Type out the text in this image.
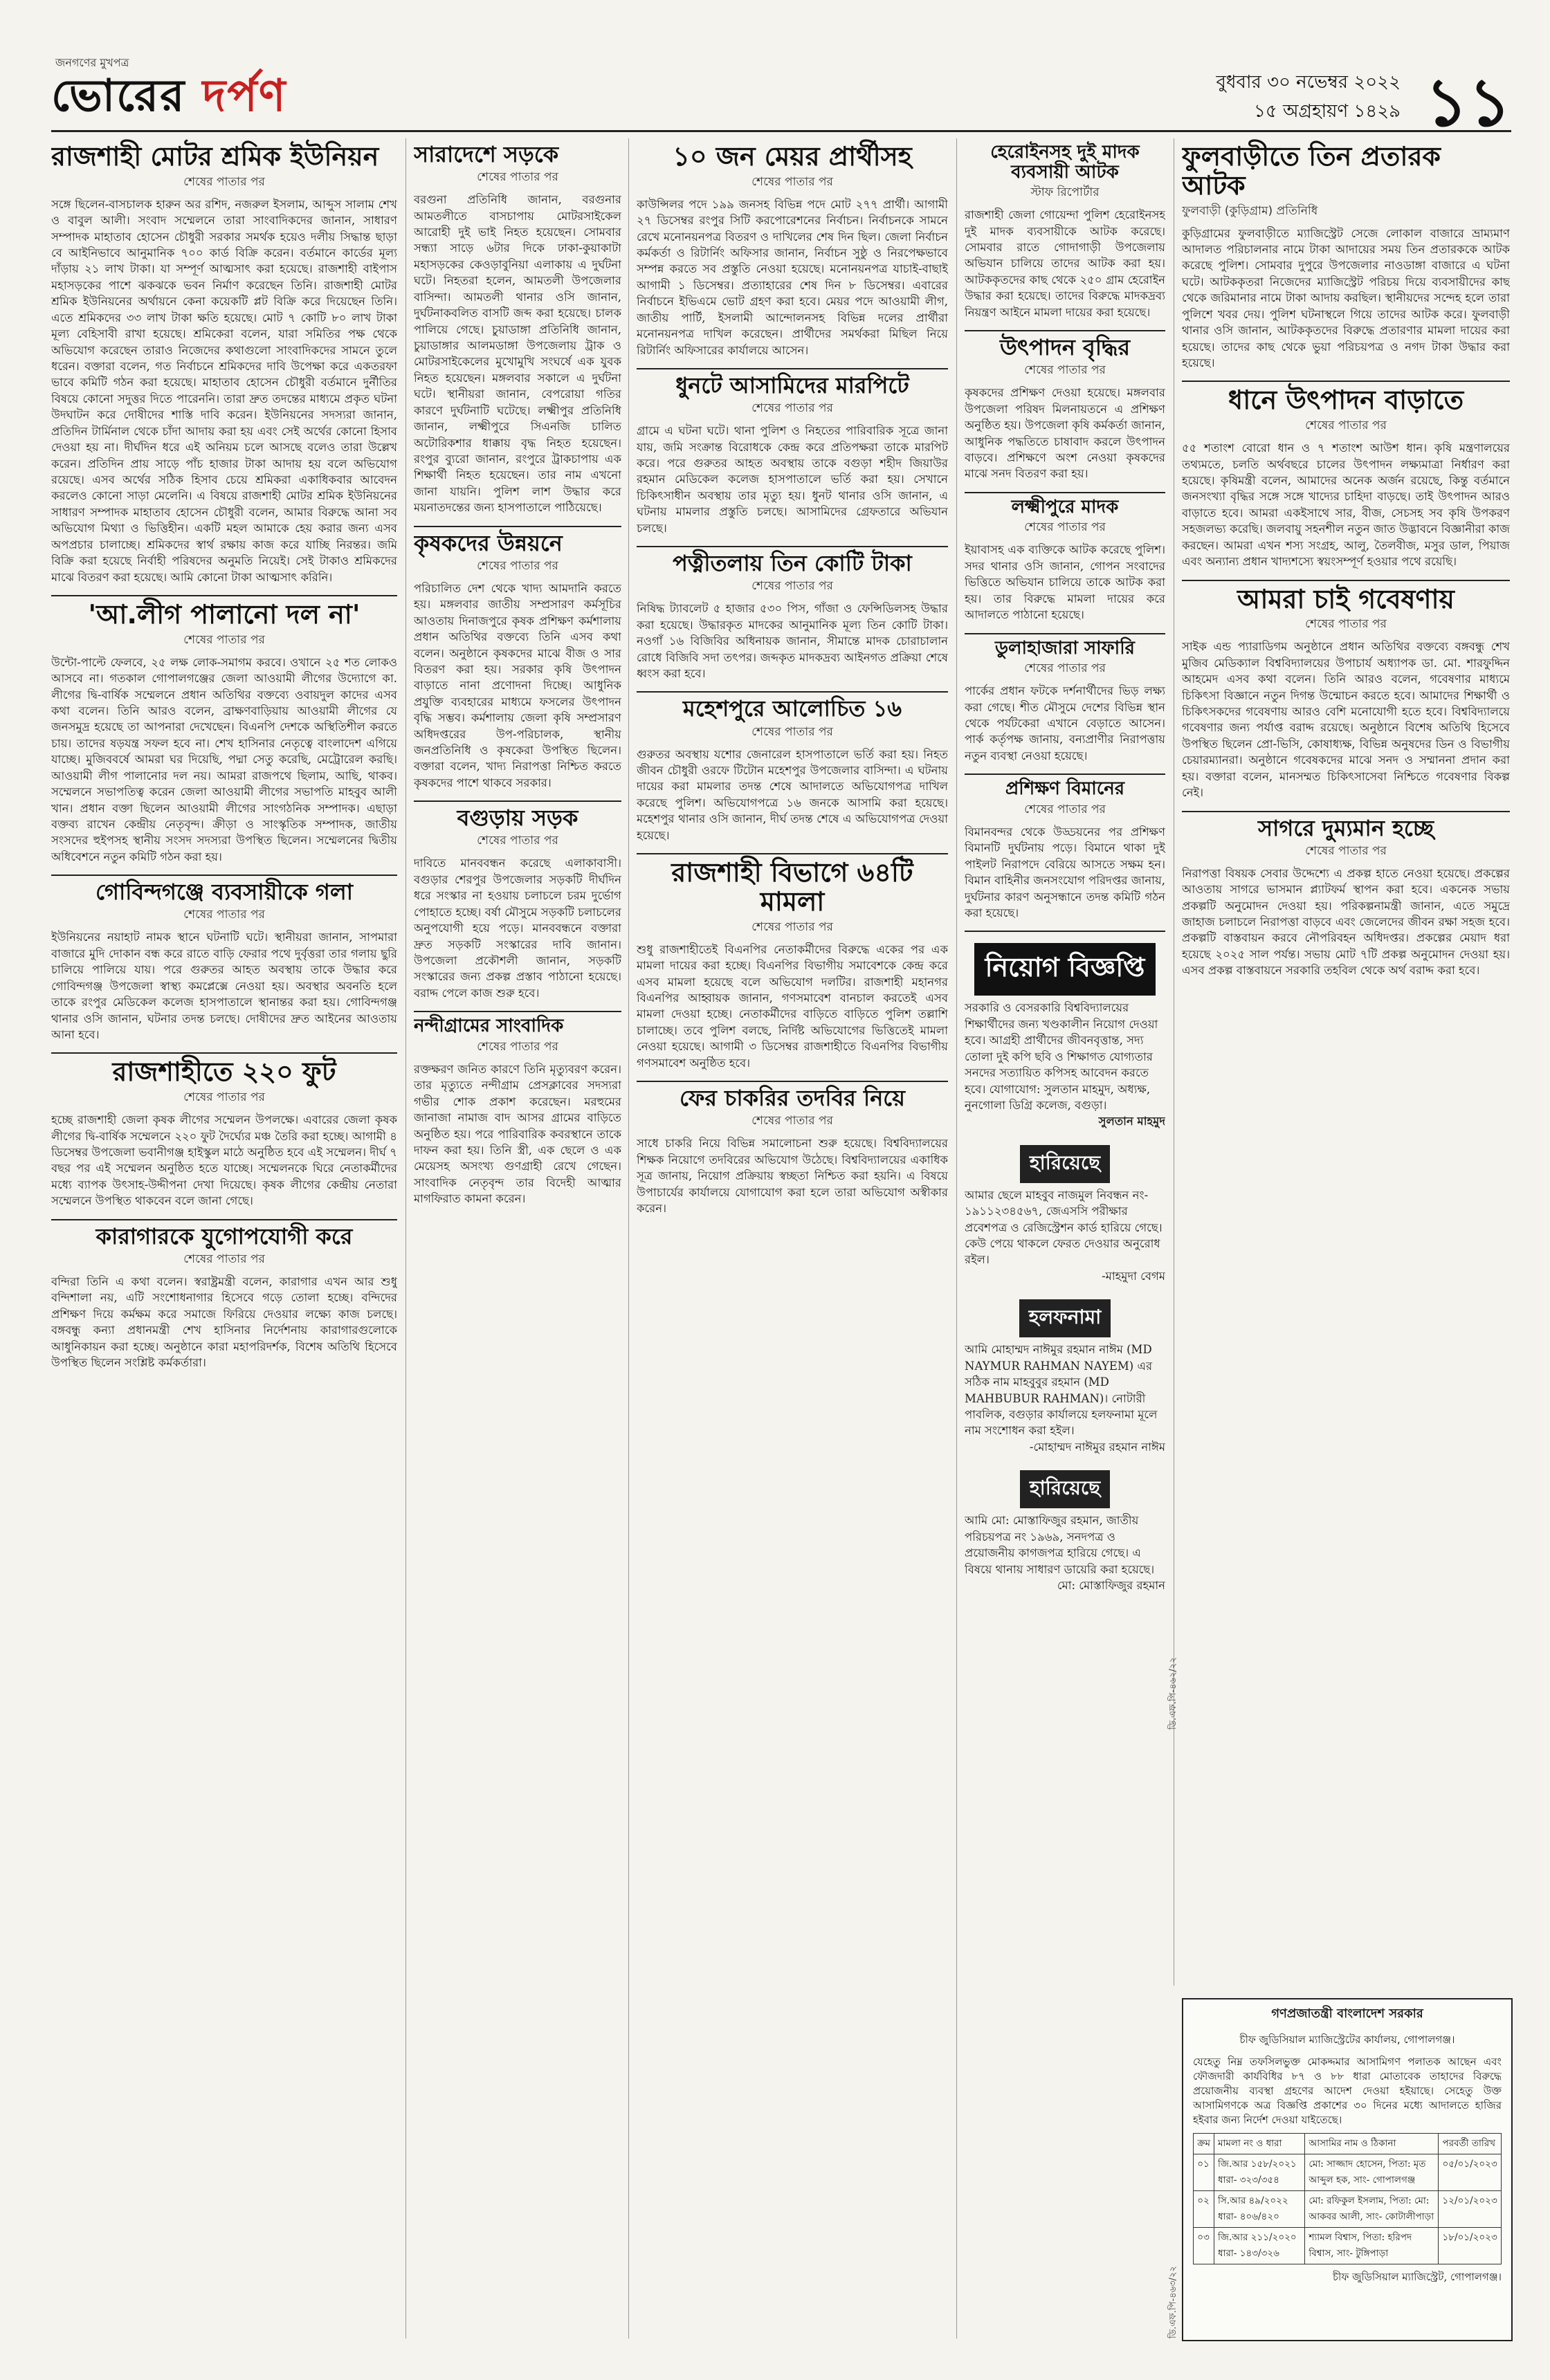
জনগণের মুখপত্র
ভোরের দর্পণ	বুধবার ৩০ নভেম্বর ২০২২
১৫ অগ্রহায়ণ ১৪২৯ ১১
রাজশাহী মোটর শ্রমিক ইউনিয়ন
শেষের পাতার পর
সঙ্গে ছিলেন-বাসচালক হারুন অর রশিদ, নজরুল ইসলাম, আব্দুস সালাম শেখ ও বাবুল আলী। সংবাদ সম্মেলনে তারা সাংবাদিকদের জানান, সাধারণ সম্পাদক মাহাতাব হোসেন চৌধুরী সরকার সমর্থক হয়েও দলীয় সিদ্ধান্ত ছাড়া বে আইনিভাবে আনুমানিক ৭০০ কার্ড বিক্রি করেন। বর্তমানে কার্ডের মূল্য দাঁড়ায় ২১ লাখ টাকা। যা সম্পূর্ণ আত্মসাৎ করা হয়েছে। রাজশাহী বাইপাস মহাসড়কের পাশে ঝকঝকে ভবন নির্মাণ করেছেন তিনি। রাজশাহী মোটর শ্রমিক ইউনিয়নের অর্থায়নে কেনা কয়েকটি প্লট বিক্রি করে দিয়েছেন তিনি। এতে শ্রমিকদের ৩৩ লাখ টাকা ক্ষতি হয়েছে। মোট ৭ কোটি ৮০ লাখ টাকা মূল্য বেহিসাবী রাখা হয়েছে। শ্রমিকেরা বলেন, যারা সমিতির পক্ষ থেকে অভিযোগ করেছেন তারাও নিজেদের কথাগুলো সাংবাদিকদের সামনে তুলে ধরেন। বক্তারা বলেন, গত নির্বাচনে শ্রমিকদের দাবি উপেক্ষা করে একতরফা ভাবে কমিটি গঠন করা হয়েছে। মাহাতাব হোসেন চৌধুরী বর্তমানে দুর্নীতির বিষয়ে কোনো সদুত্তর দিতে পারেননি। তারা দ্রুত তদন্তের মাধ্যমে প্রকৃত ঘটনা উদঘাটন করে দোষীদের শাস্তি দাবি করেন। ইউনিয়নের সদস্যরা জানান, প্রতিদিন টার্মিনাল থেকে চাঁদা আদায় করা হয় এবং সেই অর্থের কোনো হিসাব দেওয়া হয় না। দীর্ঘদিন ধরে এই অনিয়ম চলে আসছে বলেও তারা উল্লেখ করেন। প্রতিদিন প্রায় সাড়ে পাঁচ হাজার টাকা আদায় হয় বলে অভিযোগ রয়েছে। এসব অর্থের সঠিক হিসাব চেয়ে শ্রমিকরা একাধিকবার আবেদন করলেও কোনো সাড়া মেলেনি। এ বিষয়ে রাজশাহী মোটর শ্রমিক ইউনিয়নের সাধারণ সম্পাদক মাহাতাব হোসেন চৌধুরী বলেন, আমার বিরুদ্ধে আনা সব অভিযোগ মিথ্যা ও ভিত্তিহীন। একটি মহল আমাকে হেয় করার জন্য এসব অপপ্রচার চালাচ্ছে। শ্রমিকদের স্বার্থ রক্ষায় কাজ করে যাচ্ছি নিরন্তর। জমি বিক্রি করা হয়েছে নির্বাহী পরিষদের অনুমতি নিয়েই। সেই টাকাও শ্রমিকদের মাঝে বিতরণ করা হয়েছে। আমি কোনো টাকা আত্মসাৎ করিনি।
'আ.লীগ পালানো দল না'
শেষের পাতার পর
উন্টো-পাল্টে ফেলবে, ২৫ লক্ষ লোক-সমাগম করবে। ওখানে ২৫ শত লোকও আসবে না। গতকাল গোপালগঞ্জের জেলা আওয়ামী লীগের উদ্যোগে কা. লীগের দ্বি-বার্ষিক সম্মেলনে প্রধান অতিথির বক্তব্যে ওবায়দুল কাদের এসব কথা বলেন। তিনি আরও বলেন, ব্রাক্ষণবাড়িয়ায় আওয়ামী লীগের যে জনসমুদ্র হয়েছে তা আপনারা দেখেছেন। বিএনপি দেশকে অস্থিতিশীল করতে চায়। তাদের ষড়যন্ত্র সফল হবে না। শেখ হাসিনার নেতৃত্বে বাংলাদেশ এগিয়ে যাচ্ছে। মুজিববর্ষে আমরা ঘর দিয়েছি, পদ্মা সেতু করেছি, মেট্রোরেল করছি। আওয়ামী লীগ পালানোর দল নয়। আমরা রাজপথে ছিলাম, আছি, থাকব। সম্মেলনে সভাপতিত্ব করেন জেলা আওয়ামী লীগের সভাপতি মাহবুব আলী খান। প্রধান বক্তা ছিলেন আওয়ামী লীগের সাংগঠনিক সম্পাদক। এছাড়া বক্তব্য রাখেন কেন্দ্রীয় নেতৃবৃন্দ। ক্রীড়া ও সাংস্কৃতিক সম্পাদক, জাতীয় সংসদের হুইপসহ স্থানীয় সংসদ সদস্যরা উপস্থিত ছিলেন। সম্মেলনের দ্বিতীয় অধিবেশনে নতুন কমিটি গঠন করা হয়।
গোবিন্দগঞ্জে ব্যবসায়ীকে গলা
শেষের পাতার পর
ইউনিয়নের নয়াহাট নামক স্থানে ঘটনাটি ঘটে। স্থানীয়রা জানান, সাপমারা বাজারে মুদি দোকান বন্ধ করে রাতে বাড়ি ফেরার পথে দুর্বৃত্তরা তার গলায় ছুরি চালিয়ে পালিয়ে যায়। পরে গুরুতর আহত অবস্থায় তাকে উদ্ধার করে গোবিন্দগঞ্জ উপজেলা স্বাস্থ্য কমপ্লেক্সে নেওয়া হয়। অবস্থার অবনতি হলে তাকে রংপুর মেডিকেল কলেজ হাসপাতালে স্থানান্তর করা হয়। গোবিন্দগঞ্জ থানার ওসি জানান, ঘটনার তদন্ত চলছে। দোষীদের দ্রুত আইনের আওতায় আনা হবে।
রাজশাহীতে ২২০ ফুট
শেষের পাতার পর
হচ্ছে রাজশাহী জেলা কৃষক লীগের সম্মেলন উপলক্ষে। এবারের জেলা কৃষক লীগের দ্বি-বার্ষিক সম্মেলনে ২২০ ফুট দৈর্ঘ্যের মঞ্চ তৈরি করা হচ্ছে। আগামী ৪ ডিসেম্বর উপজেলা ভবানীগঞ্জ হাইস্কুল মাঠে অনুষ্ঠিত হবে এই সম্মেলন। দীর্ঘ ৭ বছর পর এই সম্মেলন অনুষ্ঠিত হতে যাচ্ছে। সম্মেলনকে ঘিরে নেতাকর্মীদের মধ্যে ব্যাপক উৎসাহ-উদ্দীপনা দেখা দিয়েছে। কৃষক লীগের কেন্দ্রীয় নেতারা সম্মেলনে উপস্থিত থাকবেন বলে জানা গেছে।
কারাগারকে যুগোপযোগী করে
শেষের পাতার পর
বন্দিরা তিনি এ কথা বলেন। স্বরাষ্ট্রমন্ত্রী বলেন, কারাগার এখন আর শুধু বন্দিশালা নয়, এটি সংশোধনাগার হিসেবে গড়ে তোলা হচ্ছে। বন্দিদের প্রশিক্ষণ দিয়ে কর্মক্ষম করে সমাজে ফিরিয়ে দেওয়ার লক্ষ্যে কাজ চলছে। বঙ্গবন্ধু কন্যা প্রধানমন্ত্রী শেখ হাসিনার নির্দেশনায় কারাগারগুলোকে আধুনিকায়ন করা হচ্ছে। অনুষ্ঠানে কারা মহাপরিদর্শক, বিশেষ অতিথি হিসেবে উপস্থিত ছিলেন সংশ্লিষ্ট কর্মকর্তারা।
সারাদেশে সড়কে
শেষের পাতার পর
বরগুনা প্রতিনিধি জানান, বরগুনার আমতলীতে বাসচাপায় মোটরসাইকেল আরোহী দুই ভাই নিহত হয়েছেন। সোমবার সন্ধ্যা সাড়ে ৬টার দিকে ঢাকা-কুয়াকাটা মহাসড়কের কেওড়াবুনিয়া এলাকায় এ দুর্ঘটনা ঘটে। নিহতরা হলেন, আমতলী উপজেলার বাসিন্দা। আমতলী থানার ওসি জানান, দুর্ঘটনাকবলিত বাসটি জব্দ করা হয়েছে। চালক পালিয়ে গেছে। চুয়াডাঙ্গা প্রতিনিধি জানান, চুয়াডাঙ্গার আলমডাঙ্গা উপজেলায় ট্রাক ও মোটরসাইকেলের মুখোমুখি সংঘর্ষে এক যুবক নিহত হয়েছেন। মঙ্গলবার সকালে এ দুর্ঘটনা ঘটে। স্থানীয়রা জানান, বেপরোয়া গতির কারণে দুর্ঘটনাটি ঘটেছে। লক্ষ্মীপুর প্রতিনিধি জানান, লক্ষ্মীপুরে সিএনজি চালিত অটোরিকশার ধাক্কায় বৃদ্ধ নিহত হয়েছেন। রংপুর ব্যুরো জানান, রংপুরে ট্রাকচাপায় এক শিক্ষার্থী নিহত হয়েছেন। তার নাম এখনো জানা যায়নি। পুলিশ লাশ উদ্ধার করে ময়নাতদন্তের জন্য হাসপাতালে পাঠিয়েছে।
কৃষকদের উন্নয়নে
শেষের পাতার পর
পরিচালিত দেশ থেকে খাদ্য আমদানি করতে হয়। মঙ্গলবার জাতীয় সম্প্রসারণ কর্মসূচির আওতায় দিনাজপুরে কৃষক প্রশিক্ষণ কর্মশালায় প্রধান অতিথির বক্তব্যে তিনি এসব কথা বলেন। অনুষ্ঠানে কৃষকদের মাঝে বীজ ও সার বিতরণ করা হয়। সরকার কৃষি উৎপাদন বাড়াতে নানা প্রণোদনা দিচ্ছে। আধুনিক প্রযুক্তি ব্যবহারের মাধ্যমে ফসলের উৎপাদন বৃদ্ধি সম্ভব। কর্মশালায় জেলা কৃষি সম্প্রসারণ অধিদপ্তরের উপ-পরিচালক, স্থানীয় জনপ্রতিনিধি ও কৃষকেরা উপস্থিত ছিলেন। বক্তারা বলেন, খাদ্য নিরাপত্তা নিশ্চিত করতে কৃষকদের পাশে থাকবে সরকার।
বগুড়ায় সড়ক
শেষের পাতার পর
দাবিতে মানববন্ধন করেছে এলাকাবাসী। বগুড়ার শেরপুর উপজেলার সড়কটি দীর্ঘদিন ধরে সংস্কার না হওয়ায় চলাচলে চরম দুর্ভোগ পোহাতে হচ্ছে। বর্ষা মৌসুমে সড়কটি চলাচলের অনুপযোগী হয়ে পড়ে। মানববন্ধনে বক্তারা দ্রুত সড়কটি সংস্কারের দাবি জানান। উপজেলা প্রকৌশলী জানান, সড়কটি সংস্কারের জন্য প্রকল্প প্রস্তাব পাঠানো হয়েছে। বরাদ্দ পেলে কাজ শুরু হবে।
নন্দীগ্রামের সাংবাদিক
শেষের পাতার পর
রক্তক্ষরণ জনিত কারণে তিনি মৃত্যুবরণ করেন। তার মৃত্যুতে নন্দীগ্রাম প্রেসক্লাবের সদস্যরা গভীর শোক প্রকাশ করেছেন। মরহুমের জানাজা নামাজ বাদ আসর গ্রামের বাড়িতে অনুষ্ঠিত হয়। পরে পারিবারিক কবরস্থানে তাকে দাফন করা হয়। তিনি স্ত্রী, এক ছেলে ও এক মেয়েসহ অসংখ্য গুণগ্রাহী রেখে গেছেন। সাংবাদিক নেতৃবৃন্দ তার বিদেহী আত্মার মাগফিরাত কামনা করেন।
১০ জন মেয়র প্রার্থীসহ
শেষের পাতার পর
কাউন্সিলর পদে ১৯৯ জনসহ বিভিন্ন পদে মোট ২৭৭ প্রার্থী। আগামী ২৭ ডিসেম্বর রংপুর সিটি করপোরেশনের নির্বাচন। নির্বাচনকে সামনে রেখে মনোনয়নপত্র বিতরণ ও দাখিলের শেষ দিন ছিল। জেলা নির্বাচন কর্মকর্তা ও রিটার্নিং অফিসার জানান, নির্বাচন সুষ্ঠু ও নিরপেক্ষভাবে সম্পন্ন করতে সব প্রস্তুতি নেওয়া হয়েছে। মনোনয়নপত্র যাচাই-বাছাই আগামী ১ ডিসেম্বর। প্রত্যাহারের শেষ দিন ৮ ডিসেম্বর। এবারের নির্বাচনে ইভিএমে ভোট গ্রহণ করা হবে। মেয়র পদে আওয়ামী লীগ, জাতীয় পার্টি, ইসলামী আন্দোলনসহ বিভিন্ন দলের প্রার্থীরা মনোনয়নপত্র দাখিল করেছেন। প্রার্থীদের সমর্থকরা মিছিল নিয়ে রিটার্নিং অফিসারের কার্যালয়ে আসেন।
ধুনটে আসামিদের মারপিটে
শেষের পাতার পর
গ্রামে এ ঘটনা ঘটে। থানা পুলিশ ও নিহতের পারিবারিক সূত্রে জানা যায়, জমি সংক্রান্ত বিরোধকে কেন্দ্র করে প্রতিপক্ষরা তাকে মারপিট করে। পরে গুরুতর আহত অবস্থায় তাকে বগুড়া শহীদ জিয়াউর রহমান মেডিকেল কলেজ হাসপাতালে ভর্তি করা হয়। সেখানে চিকিৎসাধীন অবস্থায় তার মৃত্যু হয়। ধুনট থানার ওসি জানান, এ ঘটনায় মামলার প্রস্তুতি চলছে। আসামিদের গ্রেফতারে অভিযান চলছে।
পত্নীতলায় তিন কোটি টাকা
শেষের পাতার পর
নিষিদ্ধ ট্যাবলেট ৫ হাজার ৫৩০ পিস, গাঁজা ও ফেন্সিডিলসহ উদ্ধার করা হয়েছে। উদ্ধারকৃত মাদকের আনুমানিক মূল্য তিন কোটি টাকা। নওগাঁ ১৬ বিজিবির অধিনায়ক জানান, সীমান্তে মাদক চোরাচালান রোধে বিজিবি সদা তৎপর। জব্দকৃত মাদকদ্রব্য আইনগত প্রক্রিয়া শেষে ধ্বংস করা হবে।
মহেশপুরে আলোচিত ১৬
শেষের পাতার পর
গুরুতর অবস্থায় যশোর জেনারেল হাসপাতালে ভর্তি করা হয়। নিহত জীবন চৌধুরী ওরফে টিটোন মহেশপুর উপজেলার বাসিন্দা। এ ঘটনায় দায়ের করা মামলার তদন্ত শেষে আদালতে অভিযোগপত্র দাখিল করেছে পুলিশ। অভিযোগপত্রে ১৬ জনকে আসামি করা হয়েছে। মহেশপুর থানার ওসি জানান, দীর্ঘ তদন্ত শেষে এ অভিযোগপত্র দেওয়া হয়েছে।
রাজশাহী বিভাগে ৬৪টি মামলা
শেষের পাতার পর
শুধু রাজশাহীতেই বিএনপির নেতাকর্মীদের বিরুদ্ধে একের পর এক মামলা দায়ের করা হচ্ছে। বিএনপির বিভাগীয় সমাবেশকে কেন্দ্র করে এসব মামলা হয়েছে বলে অভিযোগ দলটির। রাজশাহী মহানগর বিএনপির আহ্বায়ক জানান, গণসমাবেশ বানচাল করতেই এসব মামলা দেওয়া হচ্ছে। নেতাকর্মীদের বাড়িতে বাড়িতে পুলিশ তল্লাশি চালাচ্ছে। তবে পুলিশ বলছে, নির্দিষ্ট অভিযোগের ভিত্তিতেই মামলা নেওয়া হয়েছে। আগামী ৩ ডিসেম্বর রাজশাহীতে বিএনপির বিভাগীয় গণসমাবেশ অনুষ্ঠিত হবে।
ফের চাকরির তদবির নিয়ে
শেষের পাতার পর
সাধে চাকরি নিয়ে বিভিন্ন সমালোচনা শুরু হয়েছে। বিশ্ববিদ্যালয়ের শিক্ষক নিয়োগে তদবিরের অভিযোগ উঠেছে। বিশ্ববিদ্যালয়ের একাধিক সূত্র জানায়, নিয়োগ প্রক্রিয়ায় স্বচ্ছতা নিশ্চিত করা হয়নি। এ বিষয়ে উপাচার্যের কার্যালয়ে যোগাযোগ করা হলে তারা অভিযোগ অস্বীকার করেন।
হেরোইনসহ দুই মাদক ব্যবসায়ী আটক
স্টাফ রিপোর্টার
রাজশাহী জেলা গোয়েন্দা পুলিশ হেরোইনসহ দুই মাদক ব্যবসায়ীকে আটক করেছে। সোমবার রাতে গোদাগাড়ী উপজেলায় অভিযান চালিয়ে তাদের আটক করা হয়। আটককৃতদের কাছ থেকে ২৫০ গ্রাম হেরোইন উদ্ধার করা হয়েছে। তাদের বিরুদ্ধে মাদকদ্রব্য নিয়ন্ত্রণ আইনে মামলা দায়ের করা হয়েছে।
উৎপাদন বৃদ্ধির
শেষের পাতার পর
কৃষকদের প্রশিক্ষণ দেওয়া হয়েছে। মঙ্গলবার উপজেলা পরিষদ মিলনায়তনে এ প্রশিক্ষণ অনুষ্ঠিত হয়। উপজেলা কৃষি কর্মকর্তা জানান, আধুনিক পদ্ধতিতে চাষাবাদ করলে উৎপাদন বাড়বে। প্রশিক্ষণে অংশ নেওয়া কৃষকদের মাঝে সনদ বিতরণ করা হয়।
লক্ষ্মীপুরে মাদক
শেষের পাতার পর
ইয়াবাসহ এক ব্যক্তিকে আটক করেছে পুলিশ। সদর থানার ওসি জানান, গোপন সংবাদের ভিত্তিতে অভিযান চালিয়ে তাকে আটক করা হয়। তার বিরুদ্ধে মামলা দায়ের করে আদালতে পাঠানো হয়েছে।
ডুলাহাজারা সাফারি
শেষের পাতার পর
পার্কের প্রধান ফটকে দর্শনার্থীদের ভিড় লক্ষ্য করা গেছে। শীত মৌসুমে দেশের বিভিন্ন স্থান থেকে পর্যটকেরা এখানে বেড়াতে আসেন। পার্ক কর্তৃপক্ষ জানায়, বন্যপ্রাণীর নিরাপত্তায় নতুন ব্যবস্থা নেওয়া হয়েছে।
প্রশিক্ষণ বিমানের
শেষের পাতার পর
বিমানবন্দর থেকে উড্ডয়নের পর প্রশিক্ষণ বিমানটি দুর্ঘটনায় পড়ে। বিমানে থাকা দুই পাইলট নিরাপদে বেরিয়ে আসতে সক্ষম হন। বিমান বাহিনীর জনসংযোগ পরিদপ্তর জানায়, দুর্ঘটনার কারণ অনুসন্ধানে তদন্ত কমিটি গঠন করা হয়েছে।
নিয়োগ বিজ্ঞপ্তি
সরকারি ও বেসরকারি বিশ্ববিদ্যালয়ের শিক্ষার্থীদের জন্য খণ্ডকালীন নিয়োগ দেওয়া হবে। আগ্রহী প্রার্থীদের জীবনবৃত্তান্ত, সদ্য তোলা দুই কপি ছবি ও শিক্ষাগত যোগ্যতার সনদের সত্যায়িত কপিসহ আবেদন করতে হবে। যোগাযোগ: সুলতান মাহমুদ, অধ্যক্ষ, নুনগোলা ডিগ্রি কলেজ, বগুড়া।
সুলতান মাহমুদ
হারিয়েছে
আমার ছেলে মাহবুব নাজমুল নিবন্ধন নং- ১৯১১২৩৪৫৬৭, জেএসসি পরীক্ষার প্রবেশপত্র ও রেজিস্ট্রেশন কার্ড হারিয়ে গেছে। কেউ পেয়ে থাকলে ফেরত দেওয়ার অনুরোধ রইল।
-মাহমুদা বেগম
হলফনামা
আমি মোহাম্মদ নাঈমুর রহমান নাঈম (MD NAYMUR RAHMAN NAYEM) এর সঠিক নাম মাহবুবুর রহমান (MD MAHBUBUR RAHMAN)। নোটারী পাবলিক, বগুড়ার কার্যালয়ে হলফনামা মূলে নাম সংশোধন করা হইল।
-মোহাম্মদ নাঈমুর রহমান নাঈম
হারিয়েছে
আমি মো: মোস্তাফিজুর রহমান, জাতীয় পরিচয়পত্র নং ১৯৬৯, সনদপত্র ও প্রয়োজনীয় কাগজপত্র হারিয়ে গেছে। এ বিষয়ে থানায় সাধারণ ডায়েরি করা হয়েছে।
মো: মোস্তাফিজুর রহমান
ফুলবাড়ীতে তিন প্রতারক আটক
ফুলবাড়ী (কুড়িগ্রাম) প্রতিনিধি
কুড়িগ্রামের ফুলবাড়ীতে ম্যাজিস্ট্রেট সেজে লোকাল বাজারে ভ্রাম্যমাণ আদালত পরিচালনার নামে টাকা আদায়ের সময় তিন প্রতারককে আটক করেছে পুলিশ। সোমবার দুপুরে উপজেলার নাওডাঙ্গা বাজারে এ ঘটনা ঘটে। আটককৃতরা নিজেদের ম্যাজিস্ট্রেট পরিচয় দিয়ে ব্যবসায়ীদের কাছ থেকে জরিমানার নামে টাকা আদায় করছিল। স্থানীয়দের সন্দেহ হলে তারা পুলিশে খবর দেয়। পুলিশ ঘটনাস্থলে গিয়ে তাদের আটক করে। ফুলবাড়ী থানার ওসি জানান, আটককৃতদের বিরুদ্ধে প্রতারণার মামলা দায়ের করা হয়েছে। তাদের কাছ থেকে ভুয়া পরিচয়পত্র ও নগদ টাকা উদ্ধার করা হয়েছে।
ধানে উৎপাদন বাড়াতে
শেষের পাতার পর
৫৫ শতাংশ বোরো ধান ও ৭ শতাংশ আউশ ধান। কৃষি মন্ত্রণালয়ের তথ্যমতে, চলতি অর্থবছরে চালের উৎপাদন লক্ষ্যমাত্রা নির্ধারণ করা হয়েছে। কৃষিমন্ত্রী বলেন, আমাদের অনেক অর্জন রয়েছে, কিন্তু বর্তমানে জনসংখ্যা বৃদ্ধির সঙ্গে সঙ্গে খাদ্যের চাহিদা বাড়ছে। তাই উৎপাদন আরও বাড়াতে হবে। আমরা একইসাথে সার, বীজ, সেচসহ সব কৃষি উপকরণ সহজলভ্য করেছি। জলবায়ু সহনশীল নতুন জাত উদ্ভাবনে বিজ্ঞানীরা কাজ করছেন। আমরা এখন শস্য সংগ্রহ, আলু, তৈলবীজ, মসুর ডাল, পিয়াজ এবং অন্যান্য প্রধান খাদ্যশস্যে স্বয়ংসম্পূর্ণ হওয়ার পথে রয়েছি।
আমরা চাই গবেষণায়
শেষের পাতার পর
সাইক এন্ড প্যারাডিগম অনুষ্ঠানে প্রধান অতিথির বক্তব্যে বঙ্গবন্ধু শেখ মুজিব মেডিক্যাল বিশ্ববিদ্যালয়ের উপাচার্য অধ্যাপক ডা. মো. শারফুদ্দিন আহমেদ এসব কথা বলেন। তিনি আরও বলেন, গবেষণার মাধ্যমে চিকিৎসা বিজ্ঞানে নতুন দিগন্ত উন্মোচন করতে হবে। আমাদের শিক্ষার্থী ও চিকিৎসকদের গবেষণায় আরও বেশি মনোযোগী হতে হবে। বিশ্ববিদ্যালয়ে গবেষণার জন্য পর্যাপ্ত বরাদ্দ রয়েছে। অনুষ্ঠানে বিশেষ অতিথি হিসেবে উপস্থিত ছিলেন প্রো-ভিসি, কোষাধ্যক্ষ, বিভিন্ন অনুষদের ডিন ও বিভাগীয় চেয়ারম্যানরা। অনুষ্ঠানে গবেষকদের মাঝে সনদ ও সম্মাননা প্রদান করা হয়। বক্তারা বলেন, মানসম্মত চিকিৎসাসেবা নিশ্চিতে গবেষণার বিকল্প নেই।
সাগরে দুম্যমান হচ্ছে
শেষের পাতার পর
নিরাপত্তা বিষয়ক সেবার উদ্দেশ্যে এ প্রকল্প হাতে নেওয়া হয়েছে। প্রকল্পের আওতায় সাগরে ভাসমান প্ল্যাটফর্ম স্থাপন করা হবে। একনেক সভায় প্রকল্পটি অনুমোদন দেওয়া হয়। পরিকল্পনামন্ত্রী জানান, এতে সমুদ্রে জাহাজ চলাচলে নিরাপত্তা বাড়বে এবং জেলেদের জীবন রক্ষা সহজ হবে। প্রকল্পটি বাস্তবায়ন করবে নৌপরিবহন অধিদপ্তর। প্রকল্পের মেয়াদ ধরা হয়েছে ২০২৫ সাল পর্যন্ত। সভায় মোট ৭টি প্রকল্প অনুমোদন দেওয়া হয়। এসব প্রকল্প বাস্তবায়নে সরকারি তহবিল থেকে অর্থ বরাদ্দ করা হবে।
গণপ্রজাতন্ত্রী বাংলাদেশ সরকার
চীফ জুডিসিয়াল ম্যাজিস্ট্রেটের কার্যালয়, গোপালগঞ্জ।
যেহেতু নিম্ন তফসিলভুক্ত মোকদ্দমার আসামিগণ পলাতক আছেন এবং ফৌজদারী কার্যবিধির ৮৭ ও ৮৮ ধারা মোতাবেক তাহাদের বিরুদ্ধে প্রয়োজনীয় ব্যবস্থা গ্রহণের আদেশ দেওয়া হইয়াছে। সেহেতু উক্ত আসামিগণকে অত্র বিজ্ঞপ্তি প্রকাশের ৩০ দিনের মধ্যে আদালতে হাজির হইবার জন্য নির্দেশ দেওয়া যাইতেছে।
ক্রম	মামলা নং ও ধারা	আসামির নাম ও ঠিকানা	পরবর্তী তারিখ
০১	জি.আর ১৫৮/২০২১ ধারা- ৩২৩/৩৫৪	মো: সাজ্জাদ হোসেন, পিতা: মৃত আব্দুল হক, সাং- গোপালগঞ্জ	০৫/০১/২০২৩
০২	সি.আর ৪৯/২০২২ ধারা- ৪০৬/৪২০	মো: রফিকুল ইসলাম, পিতা: মো: আকবর আলী, সাং- কোটালীপাড়া	১২/০১/২০২৩
০৩	জি.আর ২১১/২০২০ ধারা- ১৪৩/৩২৬	শ্যামল বিশ্বাস, পিতা: হরিপদ বিশ্বাস, সাং- টুঙ্গিপাড়া	১৮/০১/২০২৩
চীফ জুডিসিয়াল ম্যাজিস্ট্রেট, গোপালগঞ্জ।
ডি.এফ.পি-৪৬২/২২
ডি.এফ.পি-৪৬৩/২২
